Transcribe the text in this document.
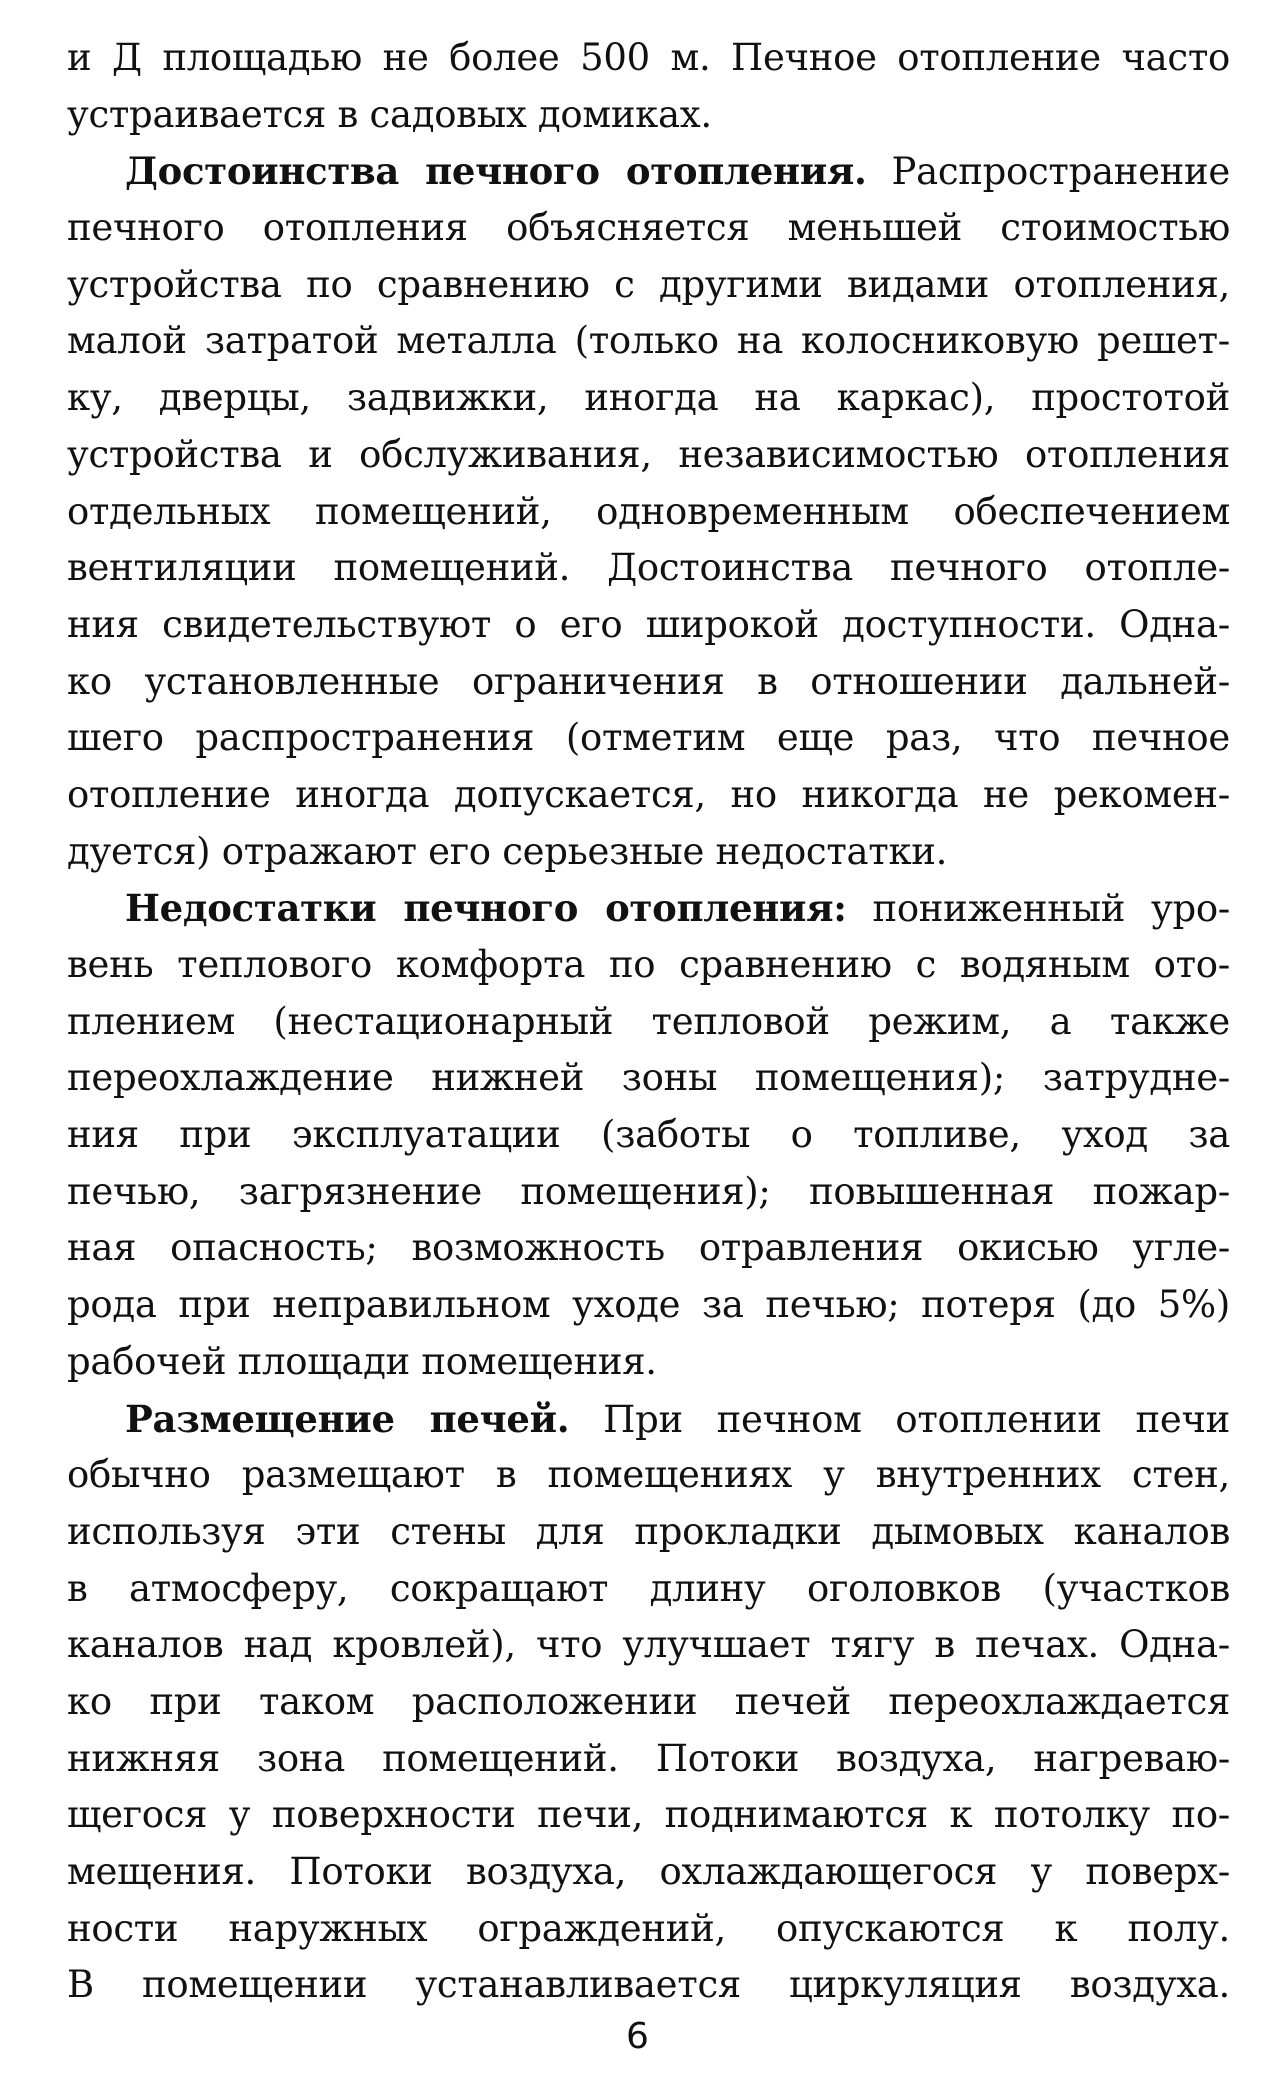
и Д площадью не более 500 м. Печное отопление часто
устраивается в садовых домиках.
Достоинства печного отопления. Распространение
печного отопления объясняется меньшей стоимостью
устройства по сравнению с другими видами отопления,
малой затратой металла (только на колосниковую решет-
ку, дверцы, задвижки, иногда на каркас), простотой
устройства и обслуживания, независимостью отопления
отдельных помещений, одновременным обеспечением
вентиляции помещений. Достоинства печного отопле-
ния свидетельствуют о его широкой доступности. Одна-
ко установленные ограничения в отношении дальней-
шего распространения (отметим еще раз, что печное
отопление иногда допускается, но никогда не рекомен-
дуется) отражают его серьезные недостатки.
Недостатки печного отопления: пониженный уро-
вень теплового комфорта по сравнению с водяным ото-
плением (нестационарный тепловой режим, а также
переохлаждение нижней зоны помещения); затрудне-
ния при эксплуатации (заботы о топливе, уход за
печью, загрязнение помещения); повышенная пожар-
ная опасность; возможность отравления окисью угле-
рода при неправильном уходе за печью; потеря (до 5%)
рабочей площади помещения.
Размещение печей. При печном отоплении печи
обычно размещают в помещениях у внутренних стен,
используя эти стены для прокладки дымовых каналов
в атмосферу, сокращают длину оголовков (участков
каналов над кровлей), что улучшает тягу в печах. Одна-
ко при таком расположении печей переохлаждается
нижняя зона помещений. Потоки воздуха, нагреваю-
щегося у поверхности печи, поднимаются к потолку по-
мещения. Потоки воздуха, охлаждающегося у поверх-
ности наружных ограждений, опускаются к полу.
В помещении устанавливается циркуляция воздуха.
6
